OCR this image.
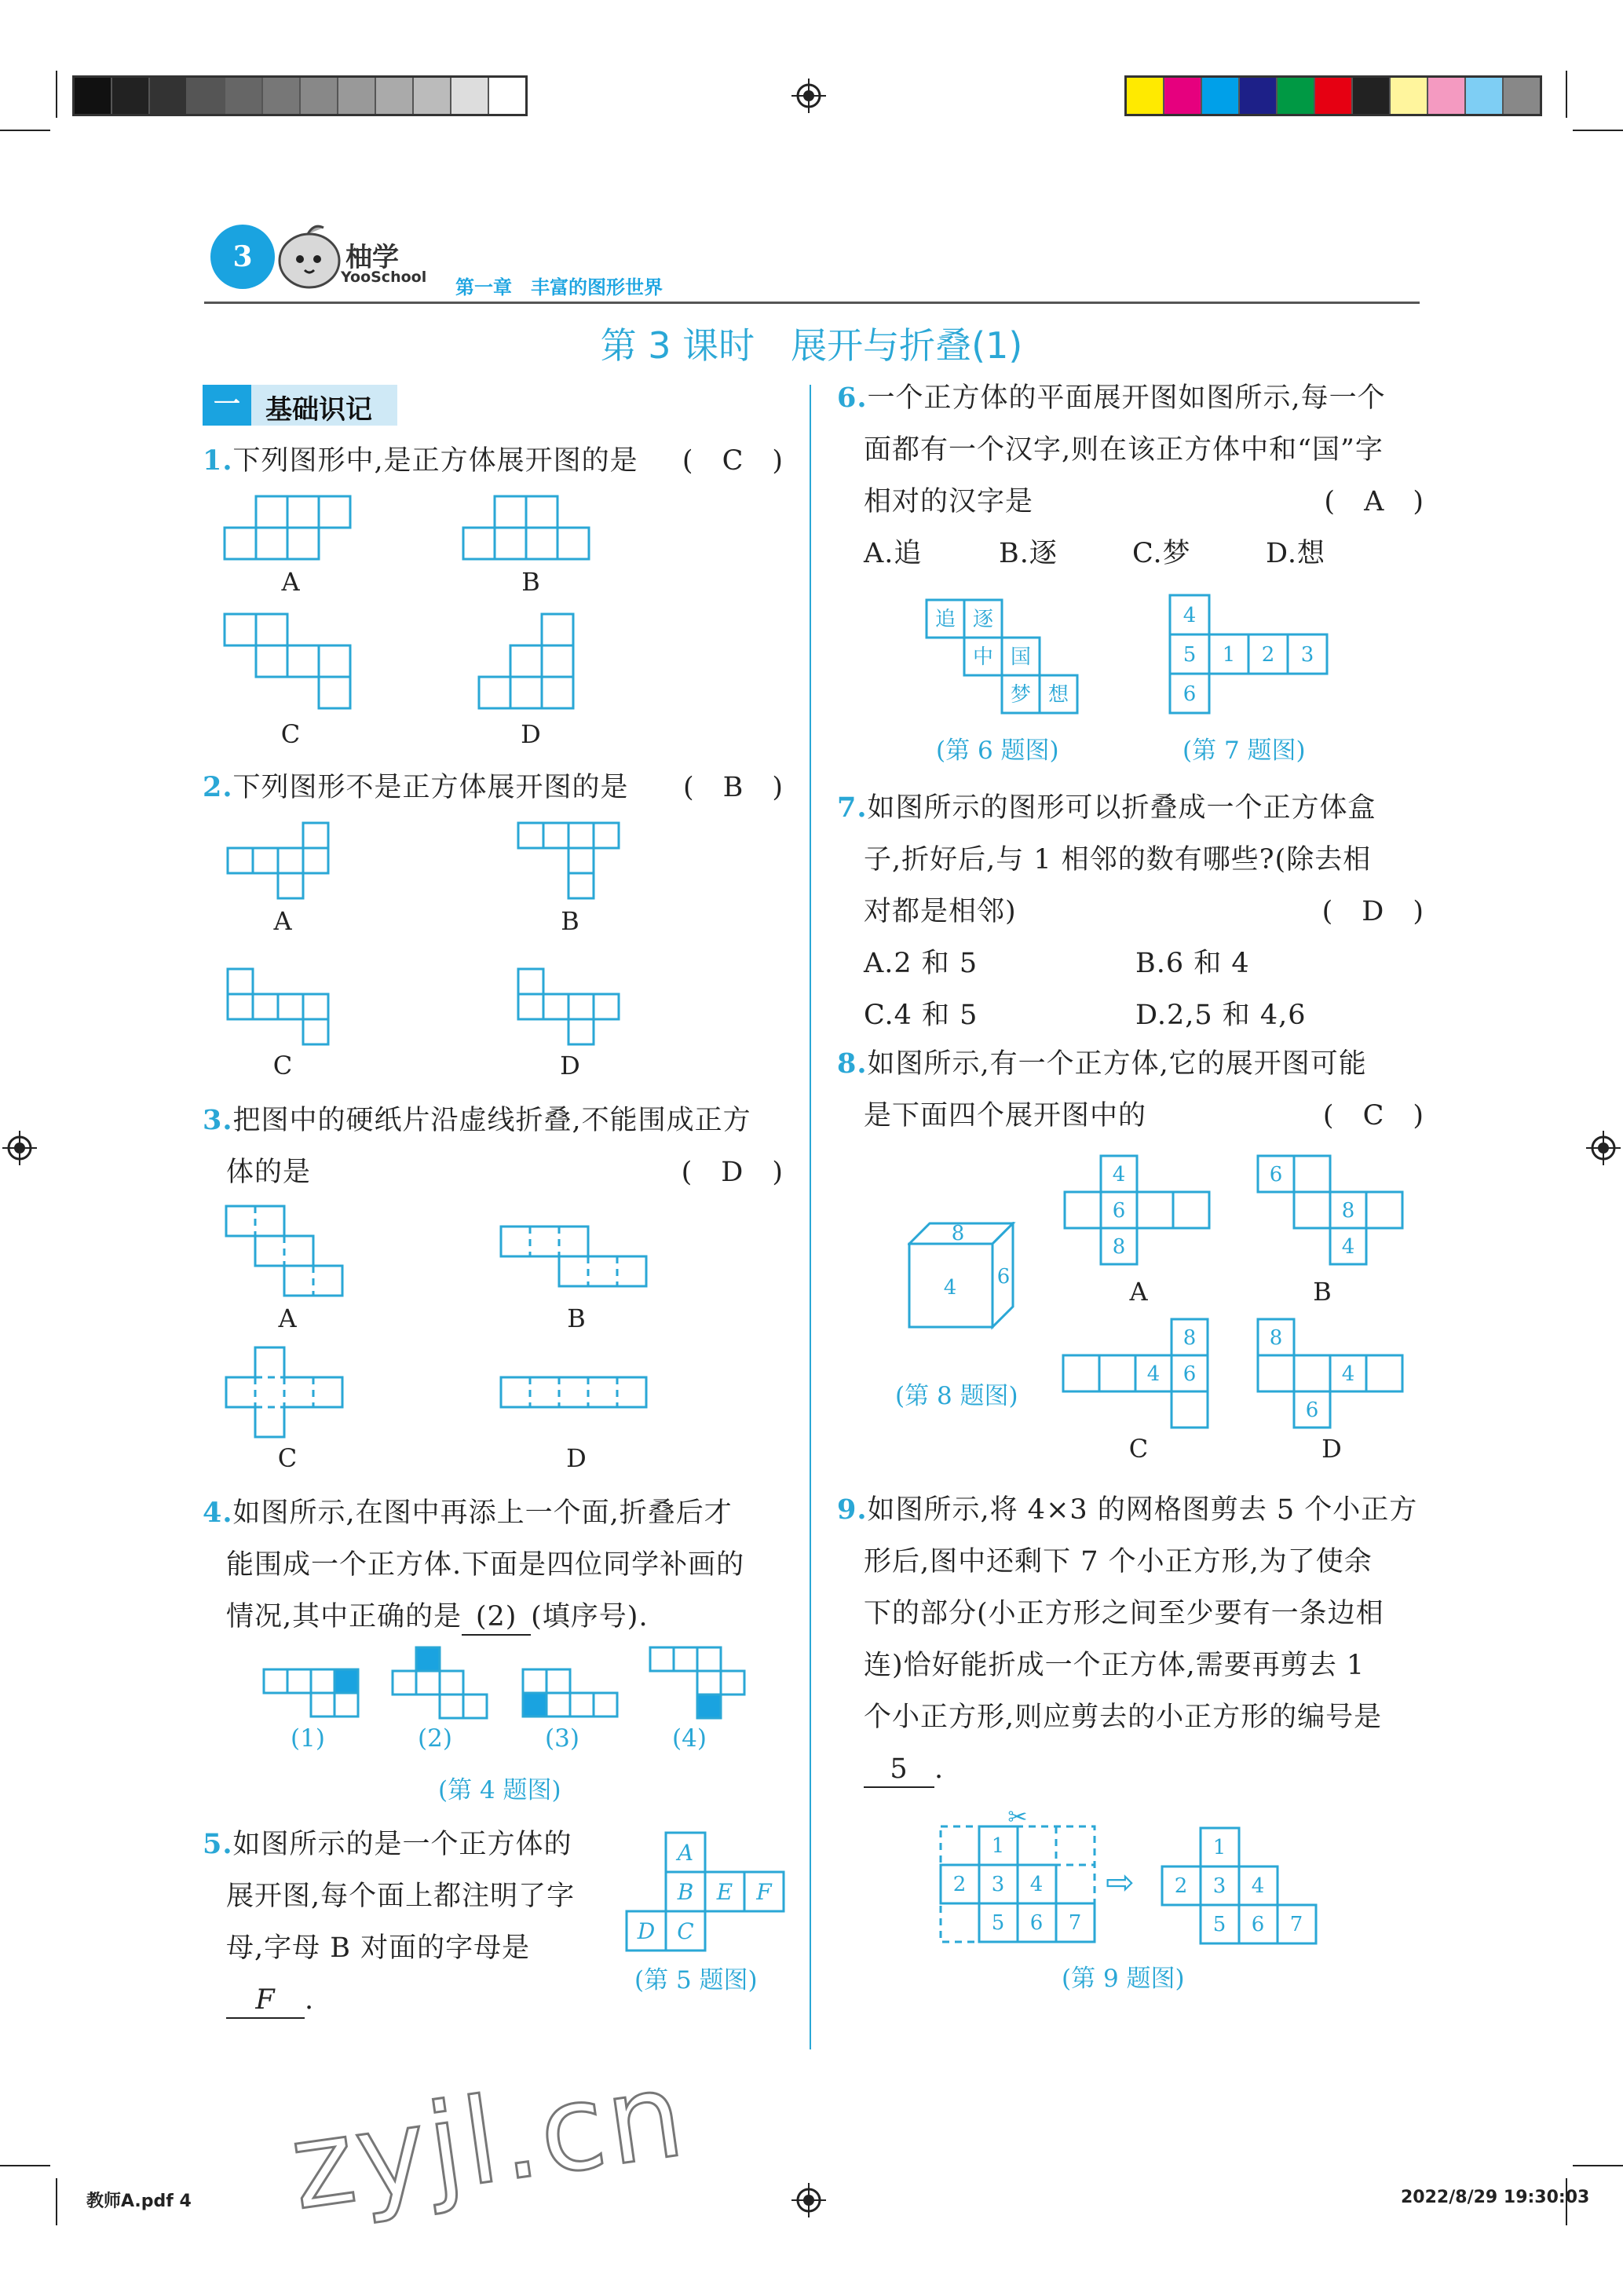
3	柚学
YooSchool 第一章　丰富的图形世界
第 3 课时　展开与折叠(1)
一 基础识记
1.下列图形中,是正方体展开图的是 (　C　)
A	B
C	D
2.下列图形不是正方体展开图的是 (　B　)
A	B
C	D
3.把图中的硬纸片沿虚线折叠,不能围成正方
体的是	(　D　)
A	B
C	D
4.如图所示,在图中再添上一个面,折叠后才
能围成一个正方体.下面是四位同学补画的
情况,其中正确的是 (2) (填序号).
(1)	(2)	(3)	(4)
(第 4 题图)
5.如图所示的是一个正方体的
展开图,每个面上都注明了字
母,字母 B 对面的字母是
F .
A
B E F
D C
(第 5 题图)
6.一个正方体的平面展开图如图所示,每一个
面都有一个汉字,则在该正方体中和“国”字
相对的汉字是	(　A　)
A.追	B.逐	C.梦	D.想
追 逐
中 国
梦 想
(第 6 题图)
4
5 1 2 3
6
(第 7 题图)
7.如图所示的图形可以折叠成一个正方体盒
子,折好后,与 1 相邻的数有哪些?(除去相
对都是相邻)	(　D　)
A.2 和 5	B.6 和 4
C.4 和 5	D.2,5 和 4,6
8.如图所示,有一个正方体,它的展开图可能
是下面四个展开图中的	(　C　)
8
4 6
(第 8 题图)
4
6
8
A
6
8
4
B
8
4 6
C
8
4
6
D
9.如图所示,将 4×3 的网格图剪去 5 个小正方
形后,图中还剩下 7 个小正方形,为了使余
下的部分(小正方形之间至少要有一条边相
连)恰好能折成一个正方体,需要再剪去 1
个小正方形,则应剪去的小正方形的编号是
5 .
1
2 3 4
5 6 7
✂
⇨
1
2 3 4
5 6 7
(第 9 题图)
教师A.pdf 4	2022/8/29 19:30:03
zyjl.cn
